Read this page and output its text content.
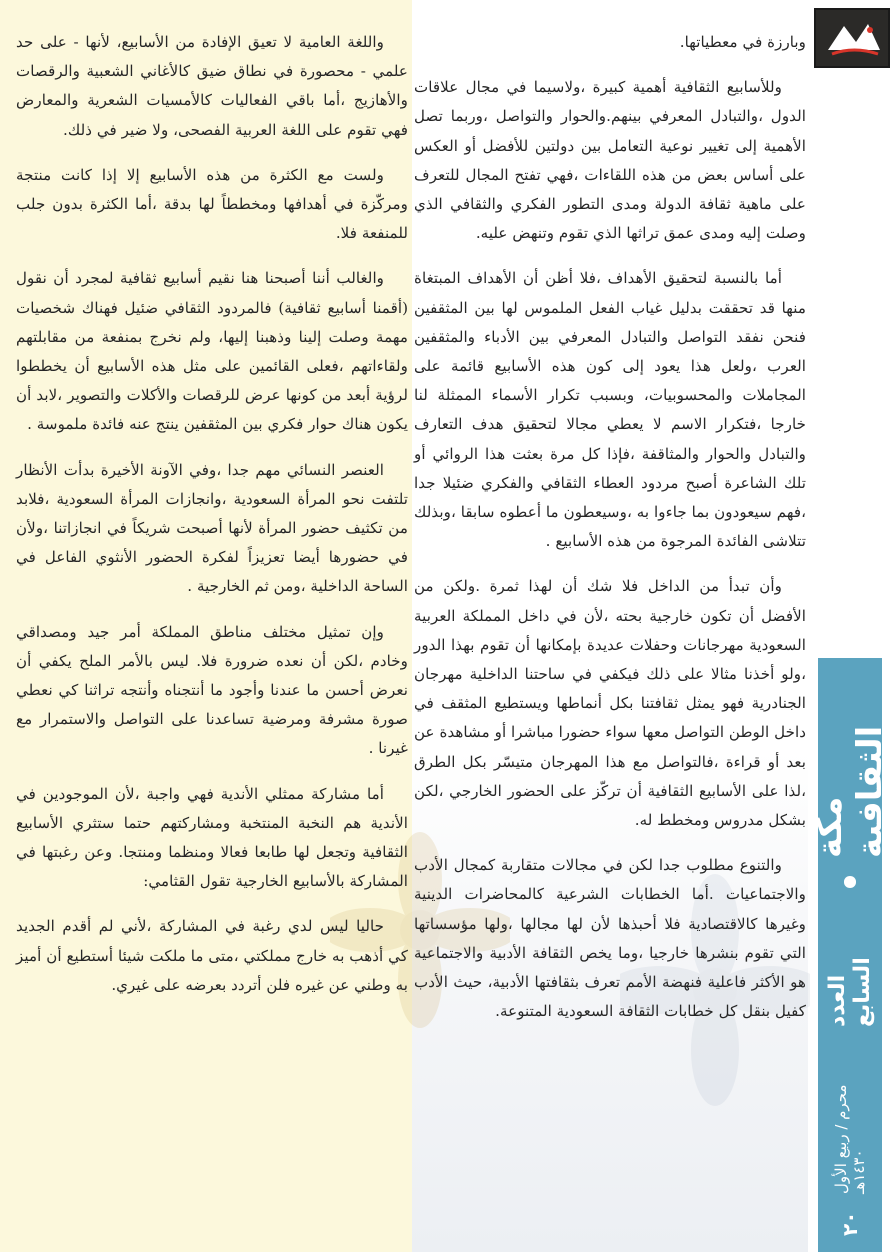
٢٠
محرم / ربيع الأول ١٤٣٠هـ
العدد السابع
مكة الثقافية

وبارزة في معطياتها.

وللأسابيع الثقافية أهمية كبيرة ،ولاسيما في مجال علاقات الدول ،والتبادل المعرفي بينهم.والحوار والتواصل ،وربما تصل الأهمية إلى تغيير نوعية التعامل بين دولتين للأفضل أو العكس على أساس بعض من هذه اللقاءات ،فهي تفتح المجال للتعرف على ماهية ثقافة الدولة ومدى التطور الفكري والثقافي الذي وصلت إليه ومدى عمق تراثها الذي تقوم وتنهض عليه.

أما بالنسبة لتحقيق الأهداف ،فلا أظن أن الأهداف المبتغاة منها قد تحققت بدليل غياب الفعل الملموس لها بين المثقفين فنحن نفقد التواصل والتبادل المعرفي بين الأدباء والمثقفين العرب ،ولعل هذا يعود إلى كون هذه الأسابيع قائمة على المجاملات والمحسوبيات، وبسبب تكرار الأسماء الممثلة لنا خارجا ،فتكرار الاسم لا يعطي مجالا لتحقيق هدف التعارف والتبادل والحوار والمثاقفة ،فإذا كل مرة بعثت هذا الروائي أو تلك الشاعرة أصبح مردود العطاء الثقافي والفكري ضئيلا جدا ،فهم سيعودون بما جاءوا به ،وسيعطون ما أعطوه سابقا ،وبذلك تتلاشى الفائدة المرجوة من هذه الأسابيع .

وأن تبدأ من الداخل فلا شك أن لهذا ثمرة .ولكن من الأفضل أن تكون خارجية بحته ،لأن في داخل المملكة العربية السعودية مهرجانات وحفلات عديدة بإمكانها أن تقوم بهذا الدور ،ولو أخذنا مثالا على ذلك فيكفي في ساحتنا الداخلية مهرجان الجنادرية فهو يمثل ثقافتنا بكل أنماطها ويستطيع المثقف في داخل الوطن التواصل معها سواء حضورا مباشرا أو مشاهدة عن بعد أو قراءة ،فالتواصل مع هذا المهرجان متيسّر بكل الطرق ،لذا على الأسابيع الثقافية أن تركّز على الحضور الخارجي ،لكن بشكل مدروس ومخطط له.

والتنوع مطلوب جدا لكن في مجالات متقاربة كمجال الأدب والاجتماعيات .أما الخطابات الشرعية كالمحاضرات الدينية وغيرها كالاقتصادية فلا أحبذها لأن لها مجالها ،ولها مؤسساتها التي تقوم بنشرها خارجيا ،وما يخص الثقافة الأدبية والاجتماعية هو الأكثر فاعلية فنهضة الأمم تعرف بثقافتها الأدبية، حيث الأدب كفيل بنقل كل خطابات الثقافة السعودية المتنوعة.

واللغة العامية لا تعيق الإفادة من الأسابيع، لأنها - على حد علمي - محصورة في نطاق ضيق كالأغاني الشعبية والرقصات والأهازيج ،أما باقي الفعاليات كالأمسيات الشعرية والمعارض فهي تقوم على اللغة العربية الفصحى، ولا ضير في ذلك.

ولست مع الكثرة من هذه الأسابيع إلا إذا كانت منتجة ومركّزة في أهدافها ومخططاً لها بدقة ،أما الكثرة بدون جلب للمنفعة فلا.

والغالب أننا أصبحنا هنا نقيم أسابيع ثقافية لمجرد أن نقول (أقمنا أسابيع ثقافية) فالمردود الثقافي ضئيل فهناك شخصيات مهمة وصلت إلينا وذهبنا إليها، ولم نخرج بمنفعة من مقابلتهم ولقاءاتهم ،فعلى القائمين على مثل هذه الأسابيع أن يخططوا لرؤية أبعد من كونها عرض للرقصات والأكلات والتصوير ،لابد أن يكون هناك حوار فكري بين المثقفين ينتج عنه فائدة ملموسة .

العنصر النسائي مهم جدا ،وفي الآونة الأخيرة بدأت الأنظار تلتفت نحو المرأة السعودية ،وانجازات المرأة السعودية ،فلابد من تكثيف حضور المرأة لأنها أصبحت شريكاً في انجازاتنا ،ولأن في حضورها أيضا تعزيزاً لفكرة الحضور الأنثوي الفاعل في الساحة الداخلية ،ومن ثم الخارجية .

وإن تمثيل مختلف مناطق المملكة أمر جيد ومصداقي وخادم ،لكن أن نعده ضرورة فلا. ليس بالأمر الملح يكفي أن نعرض أحسن ما عندنا وأجود ما أنتجناه وأنتجه تراثنا كي نعطي صورة مشرفة ومرضية تساعدنا على التواصل والاستمرار مع غيرنا .

أما مشاركة ممثلي الأندية فهي واجبة ،لأن الموجودين في الأندية هم النخبة المنتخبة ومشاركتهم حتما ستثري الأسابيع الثقافية وتجعل لها طابعا فعالا ومنظما ومنتجا. وعن رغبتها في المشاركة بالأسابيع الخارجية تقول القثامي:

حاليا ليس لدي رغبة في المشاركة ،لأني لم أقدم الجديد كي أذهب به خارج مملكتي ،متى ما ملكت شيئا أستطيع أن أميز به وطني عن غيره فلن أتردد بعرضه على غيري.
